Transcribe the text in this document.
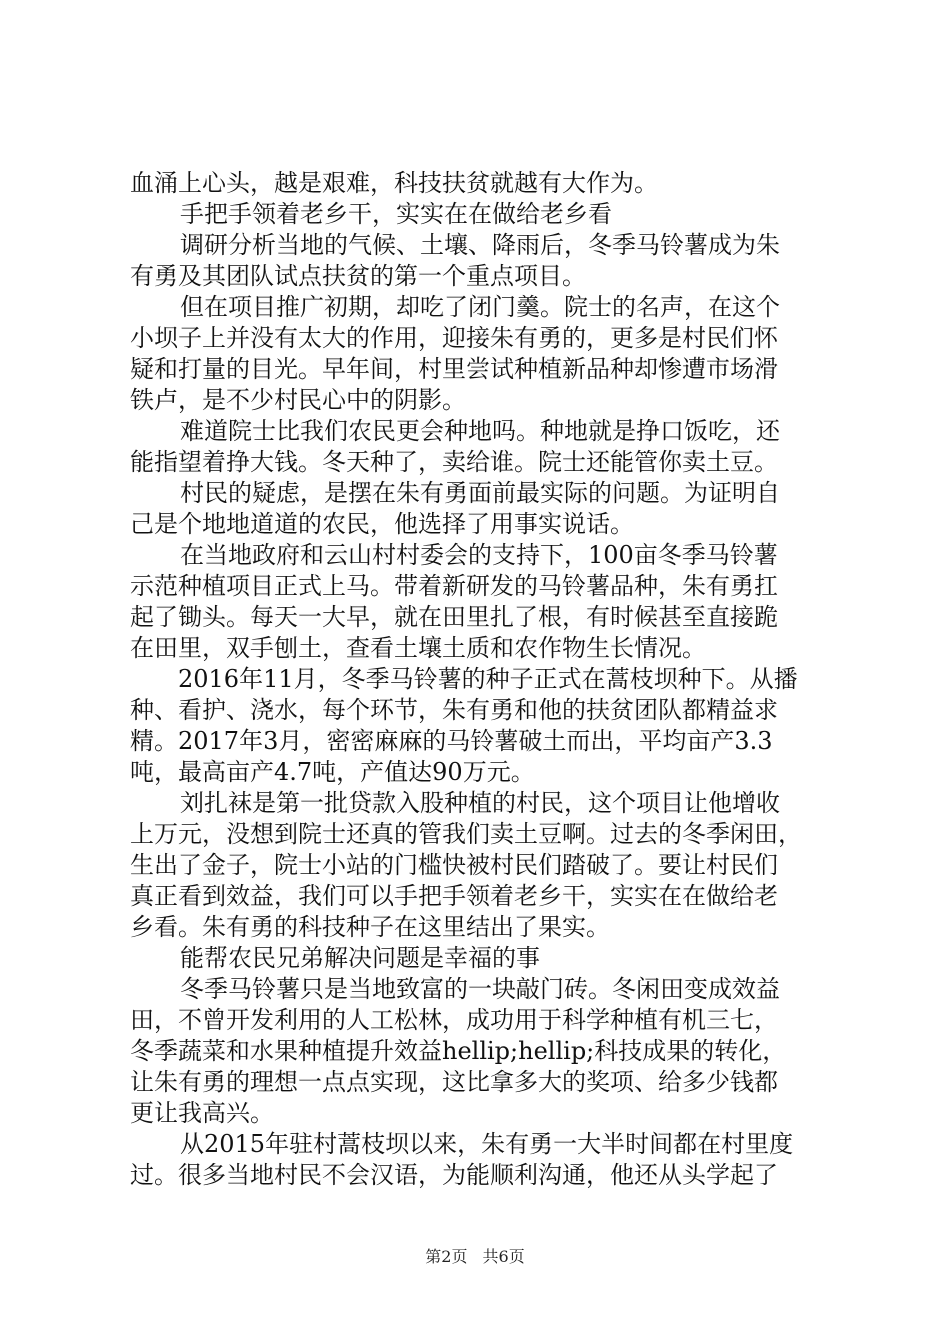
血涌上心头，越是艰难，科技扶贫就越有大作为。
手把手领着老乡干，实实在在做给老乡看
调研分析当地的气候、土壤、降雨后，冬季马铃薯成为朱
有勇及其团队试点扶贫的第一个重点项目。
但在项目推广初期，却吃了闭门羹。院士的名声，在这个
小坝子上并没有太大的作用，迎接朱有勇的，更多是村民们怀
疑和打量的目光。早年间，村里尝试种植新品种却惨遭市场滑
铁卢，是不少村民心中的阴影。
难道院士比我们农民更会种地吗。种地就是挣口饭吃，还
能指望着挣大钱。冬天种了，卖给谁。院士还能管你卖土豆。
村民的疑虑，是摆在朱有勇面前最实际的问题。为证明自
己是个地地道道的农民，他选择了用事实说话。
在当地政府和云山村村委会的支持下，100亩冬季马铃薯
示范种植项目正式上马。带着新研发的马铃薯品种，朱有勇扛
起了锄头。每天一大早，就在田里扎了根，有时候甚至直接跪
在田里，双手刨土，查看土壤土质和农作物生长情况。
2016年11月，冬季马铃薯的种子正式在蒿枝坝种下。从播
种、看护、浇水，每个环节，朱有勇和他的扶贫团队都精益求
精。2017年3月，密密麻麻的马铃薯破土而出，平均亩产3.3
吨，最高亩产4.7吨，产值达90万元。
刘扎袜是第一批贷款入股种植的村民，这个项目让他增收
上万元，没想到院士还真的管我们卖土豆啊。过去的冬季闲田，
生出了金子，院士小站的门槛快被村民们踏破了。要让村民们
真正看到效益，我们可以手把手领着老乡干，实实在在做给老
乡看。朱有勇的科技种子在这里结出了果实。
能帮农民兄弟解决问题是幸福的事
冬季马铃薯只是当地致富的一块敲门砖。冬闲田变成效益
田，不曾开发利用的人工松林，成功用于科学种植有机三七，
冬季蔬菜和水果种植提升效益hellip;hellip;科技成果的转化，
让朱有勇的理想一点点实现，这比拿多大的奖项、给多少钱都
更让我高兴。
从2015年驻村蒿枝坝以来，朱有勇一大半时间都在村里度
过。很多当地村民不会汉语，为能顺利沟通，他还从头学起了
第2页 共6页
